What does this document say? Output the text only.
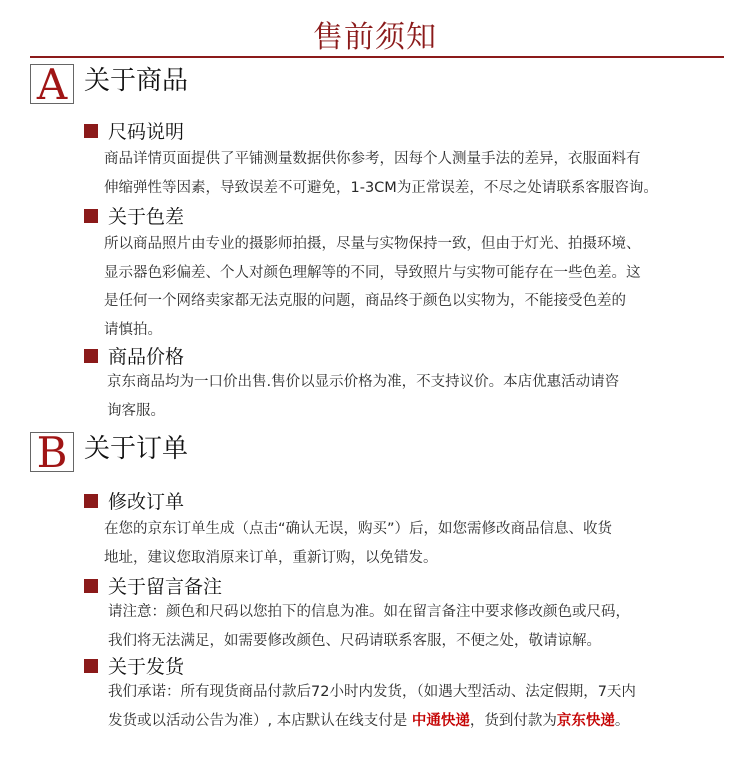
售前须知
A 关于商品
尺码说明
商品详情页面提供了平铺测量数据供你参考，因每个人测量手法的差异，衣服面料有
伸缩弹性等因素，导致误差不可避免，1-3CM为正常误差，不尽之处请联系客服咨询。
关于色差
所以商品照片由专业的摄影师拍摄，尽量与实物保持一致，但由于灯光、拍摄环境、
显示器色彩偏差、个人对颜色理解等的不同，导致照片与实物可能存在一些色差。这
是任何一个网络卖家都无法克服的问题，商品终于颜色以实物为，不能接受色差的
请慎拍。
商品价格
京东商品均为一口价出售.售价以显示价格为准，不支持议价。本店优惠活动请咨
询客服。
B 关于订单
修改订单
在您的京东订单生成（点击“确认无误，购买”）后，如您需修改商品信息、收货
地址，建议您取消原来订单，重新订购，以免错发。
关于留言备注
请注意：颜色和尺码以您拍下的信息为准。如在留言备注中要求修改颜色或尺码，
我们将无法满足，如需要修改颜色、尺码请联系客服，不便之处，敬请谅解。
关于发货
我们承诺：所有现货商品付款后72小时内发货，（如遇大型活动、法定假期，7天内
发货或以活动公告为准）, 本店默认在线支付是 中通快递，货到付款为京东快递。
